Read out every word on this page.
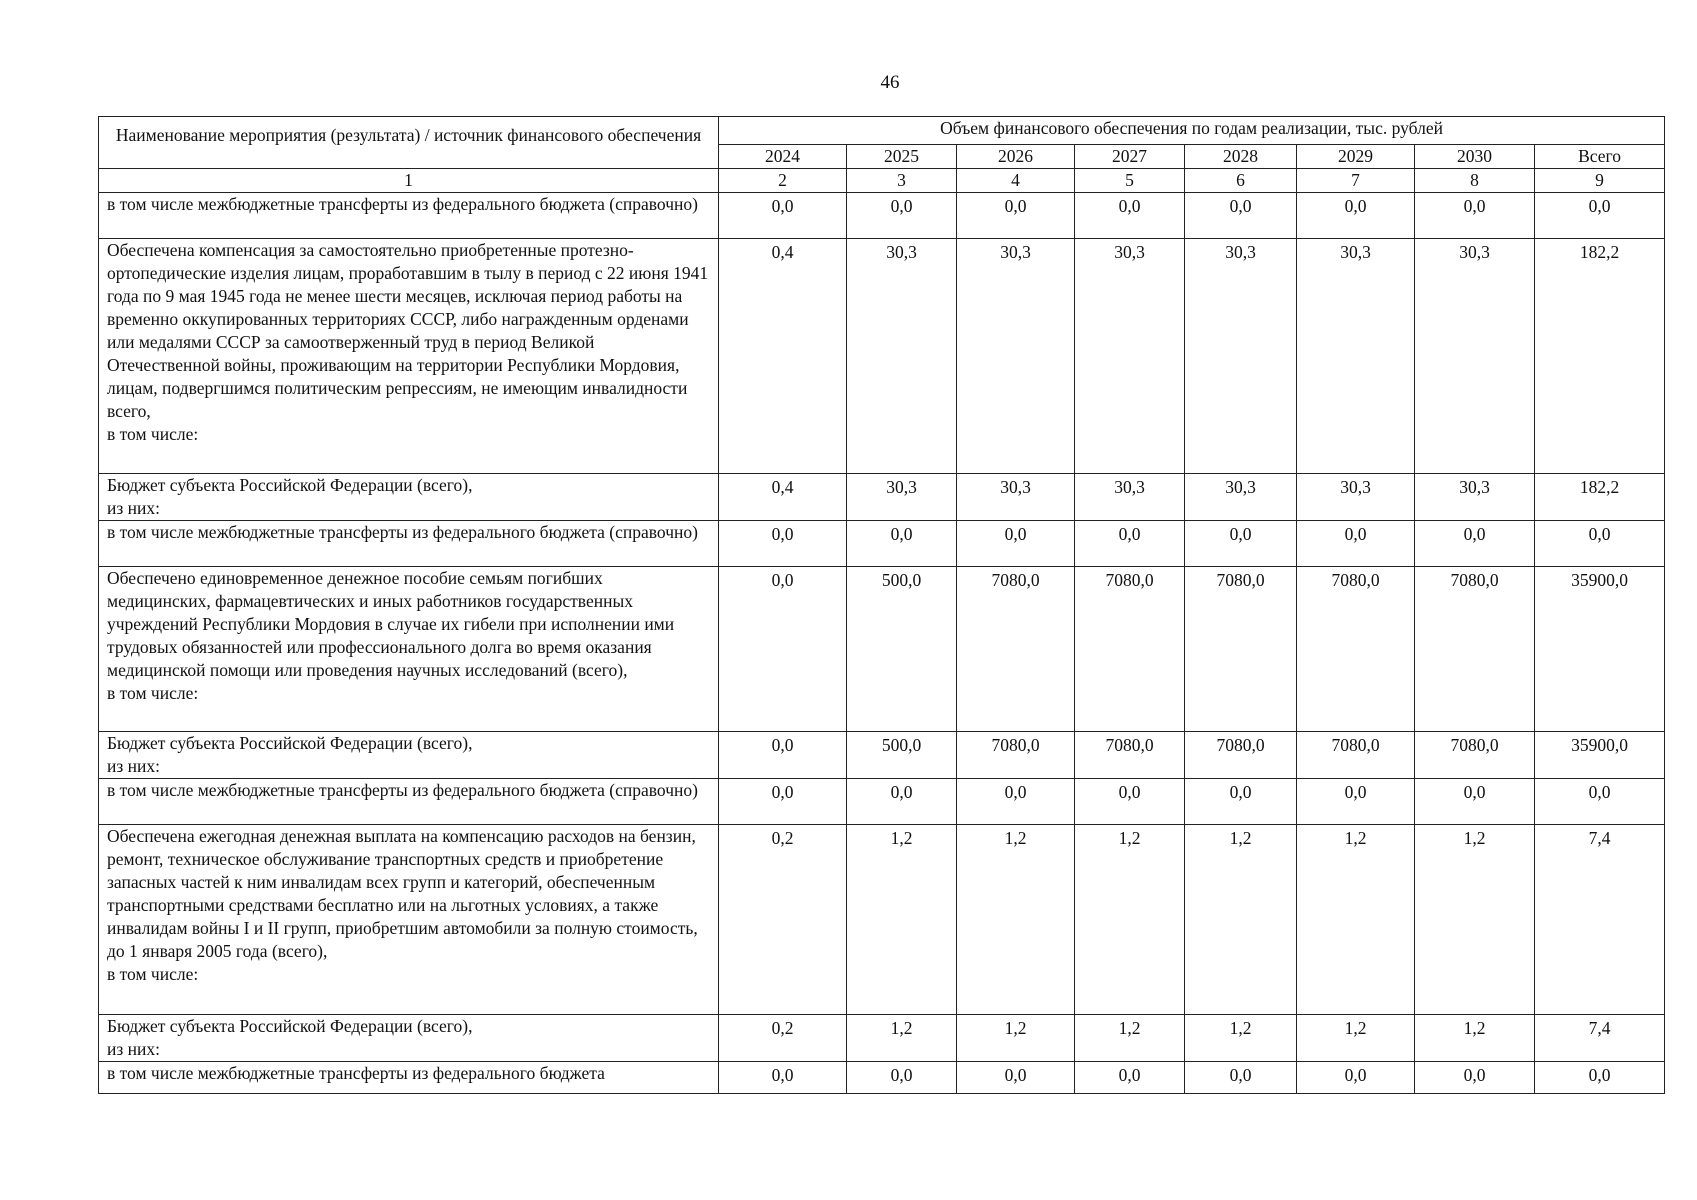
46
Наименование мероприятия (результата) / источник финансового обеспечения	Объем финансового обеспечения по годам реализации, тыс. рублей							
	2024	2025	2026	2027	2028	2029	2030	Всего
1	2	3	4	5	6	7	8	9
в том числе межбюджетные трансферты из федерального бюджета (справочно)	0,0	0,0	0,0	0,0	0,0	0,0	0,0	0,0
Обеспечена компенсация за самостоятельно приобретенные протезно-ортопедические изделия лицам, проработавшим в тылу в период с 22 июня 1941 года по 9 мая 1945 года не менее шести месяцев, исключая период работы на временно оккупированных территориях СССР, либо награжденным орденами или медалями СССР за самоотверженный труд в период Великой Отечественной войны, проживающим на территории Республики Мордовия, лицам, подвергшимся политическим репрессиям, не имеющим инвалидности всего,
в том числе:	0,4	30,3	30,3	30,3	30,3	30,3	30,3	182,2
Бюджет субъекта Российской Федерации (всего),
из них:	0,4	30,3	30,3	30,3	30,3	30,3	30,3	182,2
в том числе межбюджетные трансферты из федерального бюджета (справочно)	0,0	0,0	0,0	0,0	0,0	0,0	0,0	0,0
Обеспечено единовременное денежное пособие семьям погибших медицинских, фармацевтических и иных работников государственных учреждений Республики Мордовия в случае их гибели при исполнении ими трудовых обязанностей или профессионального долга во время оказания медицинской помощи или проведения научных исследований (всего),
в том числе:	0,0	500,0	7080,0	7080,0	7080,0	7080,0	7080,0	35900,0
Бюджет субъекта Российской Федерации (всего),
из них:	0,0	500,0	7080,0	7080,0	7080,0	7080,0	7080,0	35900,0
в том числе межбюджетные трансферты из федерального бюджета (справочно)	0,0	0,0	0,0	0,0	0,0	0,0	0,0	0,0
Обеспечена ежегодная денежная выплата на компенсацию расходов на бензин, ремонт, техническое обслуживание транспортных средств и приобретение запасных частей к ним инвалидам всех групп и категорий, обеспеченным транспортными средствами бесплатно или на льготных условиях, а также инвалидам войны I и II групп, приобретшим автомобили за полную стоимость, до 1 января 2005 года (всего),
в том числе:	0,2	1,2	1,2	1,2	1,2	1,2	1,2	7,4
Бюджет субъекта Российской Федерации (всего),
из них:	0,2	1,2	1,2	1,2	1,2	1,2	1,2	7,4
в том числе межбюджетные трансферты из федерального бюджета	0,0	0,0	0,0	0,0	0,0	0,0	0,0	0,0
